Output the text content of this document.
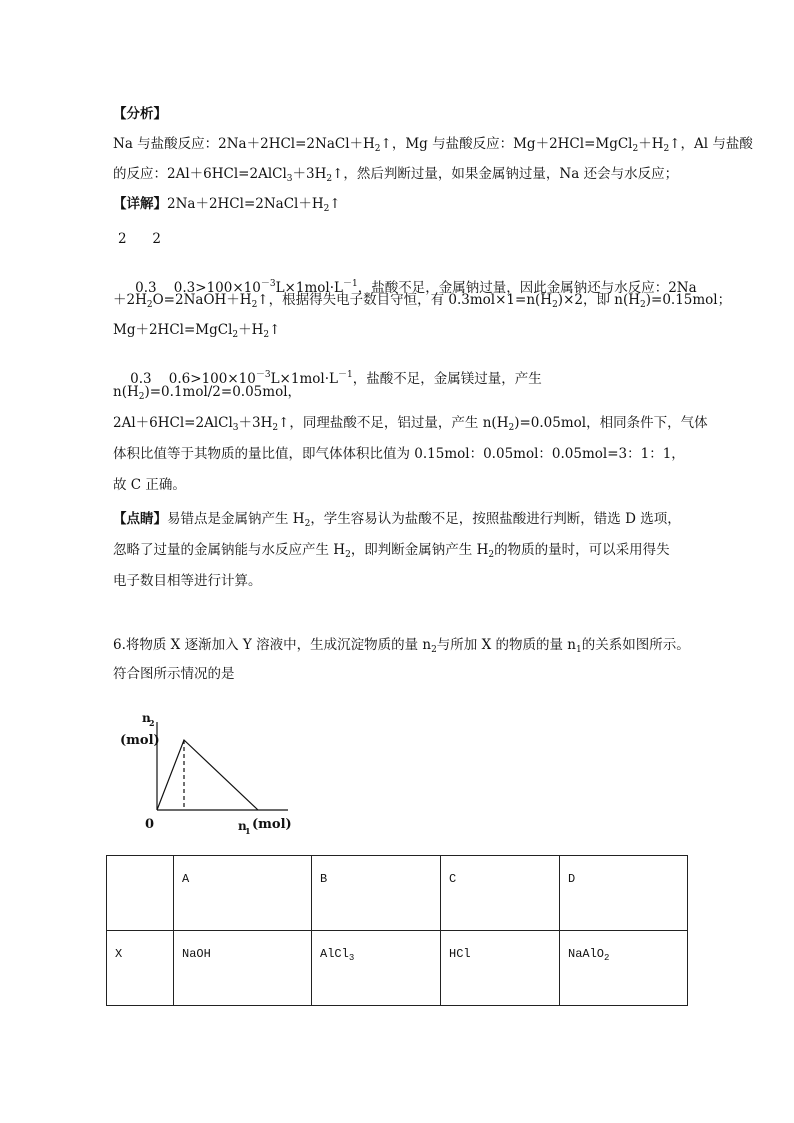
【分析】
Na 与盐酸反应：$2Na+2HCl=2NaCl+H_2↑$，Mg 与盐酸反应：$Mg+2HCl=MgCl_2+H_2↑$，Al 与盐酸
的反应：$2Al+6HCl=2AlCl_3+3H_2↑$，然后判断过量，如果金属钠过量，Na 还会与水反应；
【详解】$2Na+2HCl=2NaCl+H_2↑$
2      2

0.3    $0.3>100\times 10^{-3}L\times 1mol\cdot L^{-1}$，盐酸不足，金属钠过量，因此金属钠还与水反应：2Na

$+2H_2O=2NaOH+H_2↑$，根据得失电子数目守恒，有 $0.3mol\times 1=n(H_2)\times 2$，即 $n(H_2)=0.15mol$；
$Mg+2HCl=MgCl_2+H_2↑$

0.3    $0.6>100\times 10^{-3}L\times 1mol\cdot L^{-1}$，盐酸不足，金属镁过量，产生

$n(H_2)=0.1mol/2=0.05mol$，
$2Al+6HCl=2AlCl_3+3H_2↑$，同理盐酸不足，铝过量，产生 $n(H_2)=0.05mol$，相同条件下，气体
体积比值等于其物质的量比值，即气体体积比值为 0.15mol：0.05mol：0.05mol=3：1：1，
故 C 正确。
【点睛】易错点是金属钠产生 $H_2$，学生容易认为盐酸不足，按照盐酸进行判断，错选 D 选项，
忽略了过量的金属钠能与水反应产生 $H_2$，即判断金属钠产生 $H_2$的物质的量时，可以采用得失
电子数目相等进行计算。
6.将物质 X 逐渐加入 Y 溶液中，生成沉淀物质的量 $n_2$与所加 X 的物质的量 $n_1$的关系如图所示。
符合图所示情况的是
n
2
(mol)
0	n
1 (mol)
	A	B	C	D
X	NaOH	AlCl$_3$	HCl	NaAlO$_2$
